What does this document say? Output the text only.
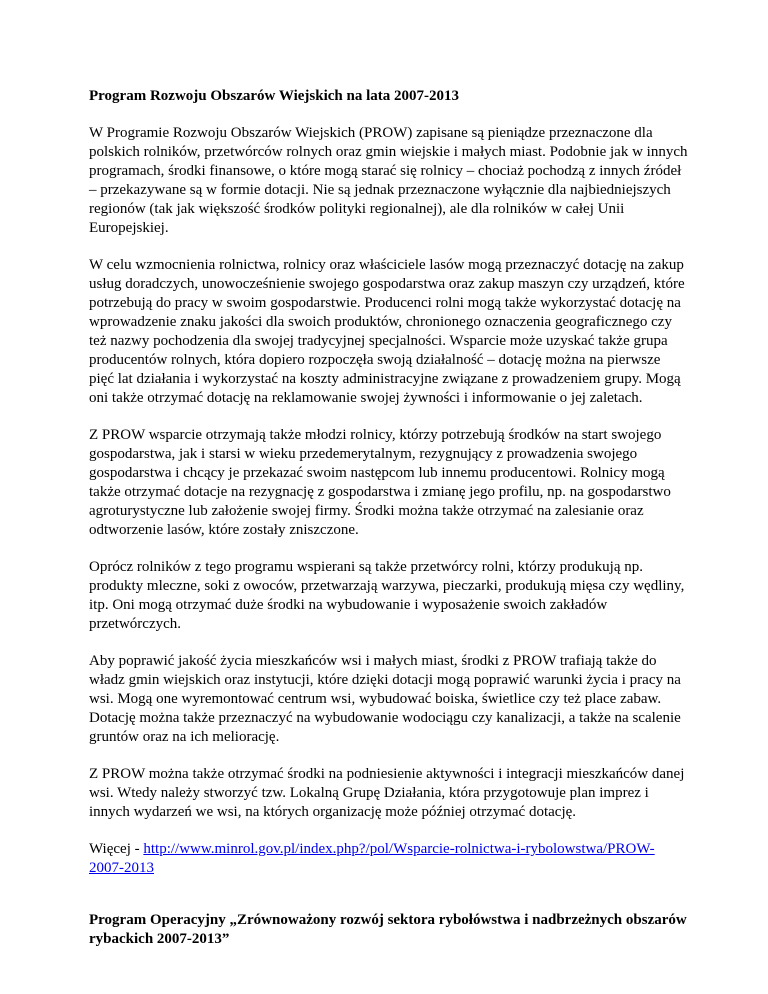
Program Rozwoju Obszarów Wiejskich na lata 2007-2013

W Programie Rozwoju Obszarów Wiejskich (PROW) zapisane są pieniądze przeznaczone dla polskich rolników, przetwórców rolnych oraz gmin wiejskie i małych miast. Podobnie jak w innych programach, środki finansowe, o które mogą starać się rolnicy – chociaż pochodzą z innych źródeł – przekazywane są w formie dotacji. Nie są jednak przeznaczone wyłącznie dla najbiedniejszych regionów (tak jak większość środków polityki regionalnej), ale dla rolników w całej Unii Europejskiej.

W celu wzmocnienia rolnictwa, rolnicy oraz właściciele lasów mogą przeznaczyć dotację na zakup usług doradczych, unowocześnienie swojego gospodarstwa oraz zakup maszyn czy urządzeń, które potrzebują do pracy w swoim gospodarstwie. Producenci rolni mogą także wykorzystać dotację na wprowadzenie znaku jakości dla swoich produktów, chronionego oznaczenia geograficznego czy też nazwy pochodzenia dla swojej tradycyjnej specjalności. Wsparcie może uzyskać także grupa producentów rolnych, która dopiero rozpoczęła swoją działalność – dotację można na pierwsze pięć lat działania i wykorzystać na koszty administracyjne związane z prowadzeniem grupy. Mogą oni także otrzymać dotację na reklamowanie swojej żywności i informowanie o jej zaletach.

Z PROW wsparcie otrzymają także młodzi rolnicy, którzy potrzebują środków na start swojego gospodarstwa, jak i starsi w wieku przedemerytalnym, rezygnujący z prowadzenia swojego gospodarstwa i chcący je przekazać swoim następcom lub innemu producentowi. Rolnicy mogą także otrzymać dotacje na rezygnację z gospodarstwa i zmianę jego profilu, np. na gospodarstwo agroturystyczne lub założenie swojej firmy. Środki można także otrzymać na zalesianie oraz odtworzenie lasów, które zostały zniszczone.

Oprócz rolników z tego programu wspierani są także przetwórcy rolni, którzy produkują np. produkty mleczne, soki z owoców, przetwarzają warzywa, pieczarki, produkują mięsa czy wędliny, itp. Oni mogą otrzymać duże środki na wybudowanie i wyposażenie swoich zakładów przetwórczych.

Aby poprawić jakość życia mieszkańców wsi i małych miast, środki z PROW trafiają także do władz gmin wiejskich oraz instytucji, które dzięki dotacji mogą poprawić warunki życia i pracy na wsi. Mogą one wyremontować centrum wsi, wybudować boiska, świetlice czy też place zabaw. Dotację można także przeznaczyć na wybudowanie wodociągu czy kanalizacji, a także na scalenie gruntów oraz na ich meliorację.

Z PROW można także otrzymać środki na podniesienie aktywności i integracji mieszkańców danej wsi. Wtedy należy stworzyć tzw. Lokalną Grupę Działania, która przygotowuje plan imprez i innych wydarzeń we wsi, na których organizację może później otrzymać dotację.

Więcej - http://www.minrol.gov.pl/index.php?/pol/Wsparcie-rolnictwa-i-rybolowstwa/PROW-2007-2013

Program Operacyjny „Zrównoważony rozwój sektora rybołówstwa i nadbrzeżnych obszarów rybackich 2007-2013”
